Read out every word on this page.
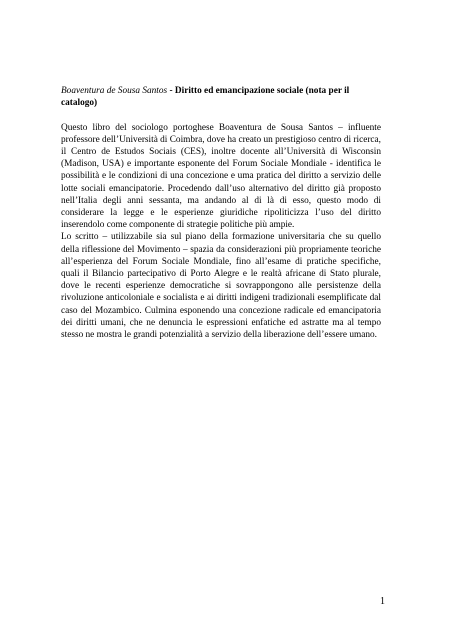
Boaventura de Sousa Santos - Diritto ed emancipazione sociale (nota per il catalogo)

Questo libro del sociologo portoghese Boaventura de Sousa Santos – influente professore dell’Università di Coimbra, dove ha creato un prestigioso centro di ricerca, il Centro de Estudos Sociais (CES), inoltre docente all’Università di Wisconsin (Madison, USA) e importante esponente del Forum Sociale Mondiale - identifica le possibilità e le condizioni di una concezione e uma pratica del diritto a servizio delle lotte sociali emancipatorie. Procedendo dall’uso alternativo del diritto già proposto nell’Italia degli anni sessanta, ma andando al di là di esso, questo modo di considerare la legge e le esperienze giuridiche ripoliticizza l’uso del diritto inserendolo come componente di strategie politiche più ampie.

Lo scritto – utilizzabile sia sul piano della formazione universitaria che su quello della riflessione del Movimento – spazia da considerazioni più propriamente teoriche all’esperienza del Forum Sociale Mondiale, fino all’esame di pratiche specifiche, quali il Bilancio partecipativo di Porto Alegre e le realtà africane di Stato plurale, dove le recenti esperienze democratiche si sovrappongono alle persistenze della rivoluzione anticoloniale e socialista e ai diritti indigeni tradizionali esemplificate dal caso del Mozambico. Culmina esponendo una concezione radicale ed emancipatoria dei diritti umani, che ne denuncia le espressioni enfatiche ed astratte ma al tempo stesso ne mostra le grandi potenzialità a servizio della liberazione dell’essere umano.

1
